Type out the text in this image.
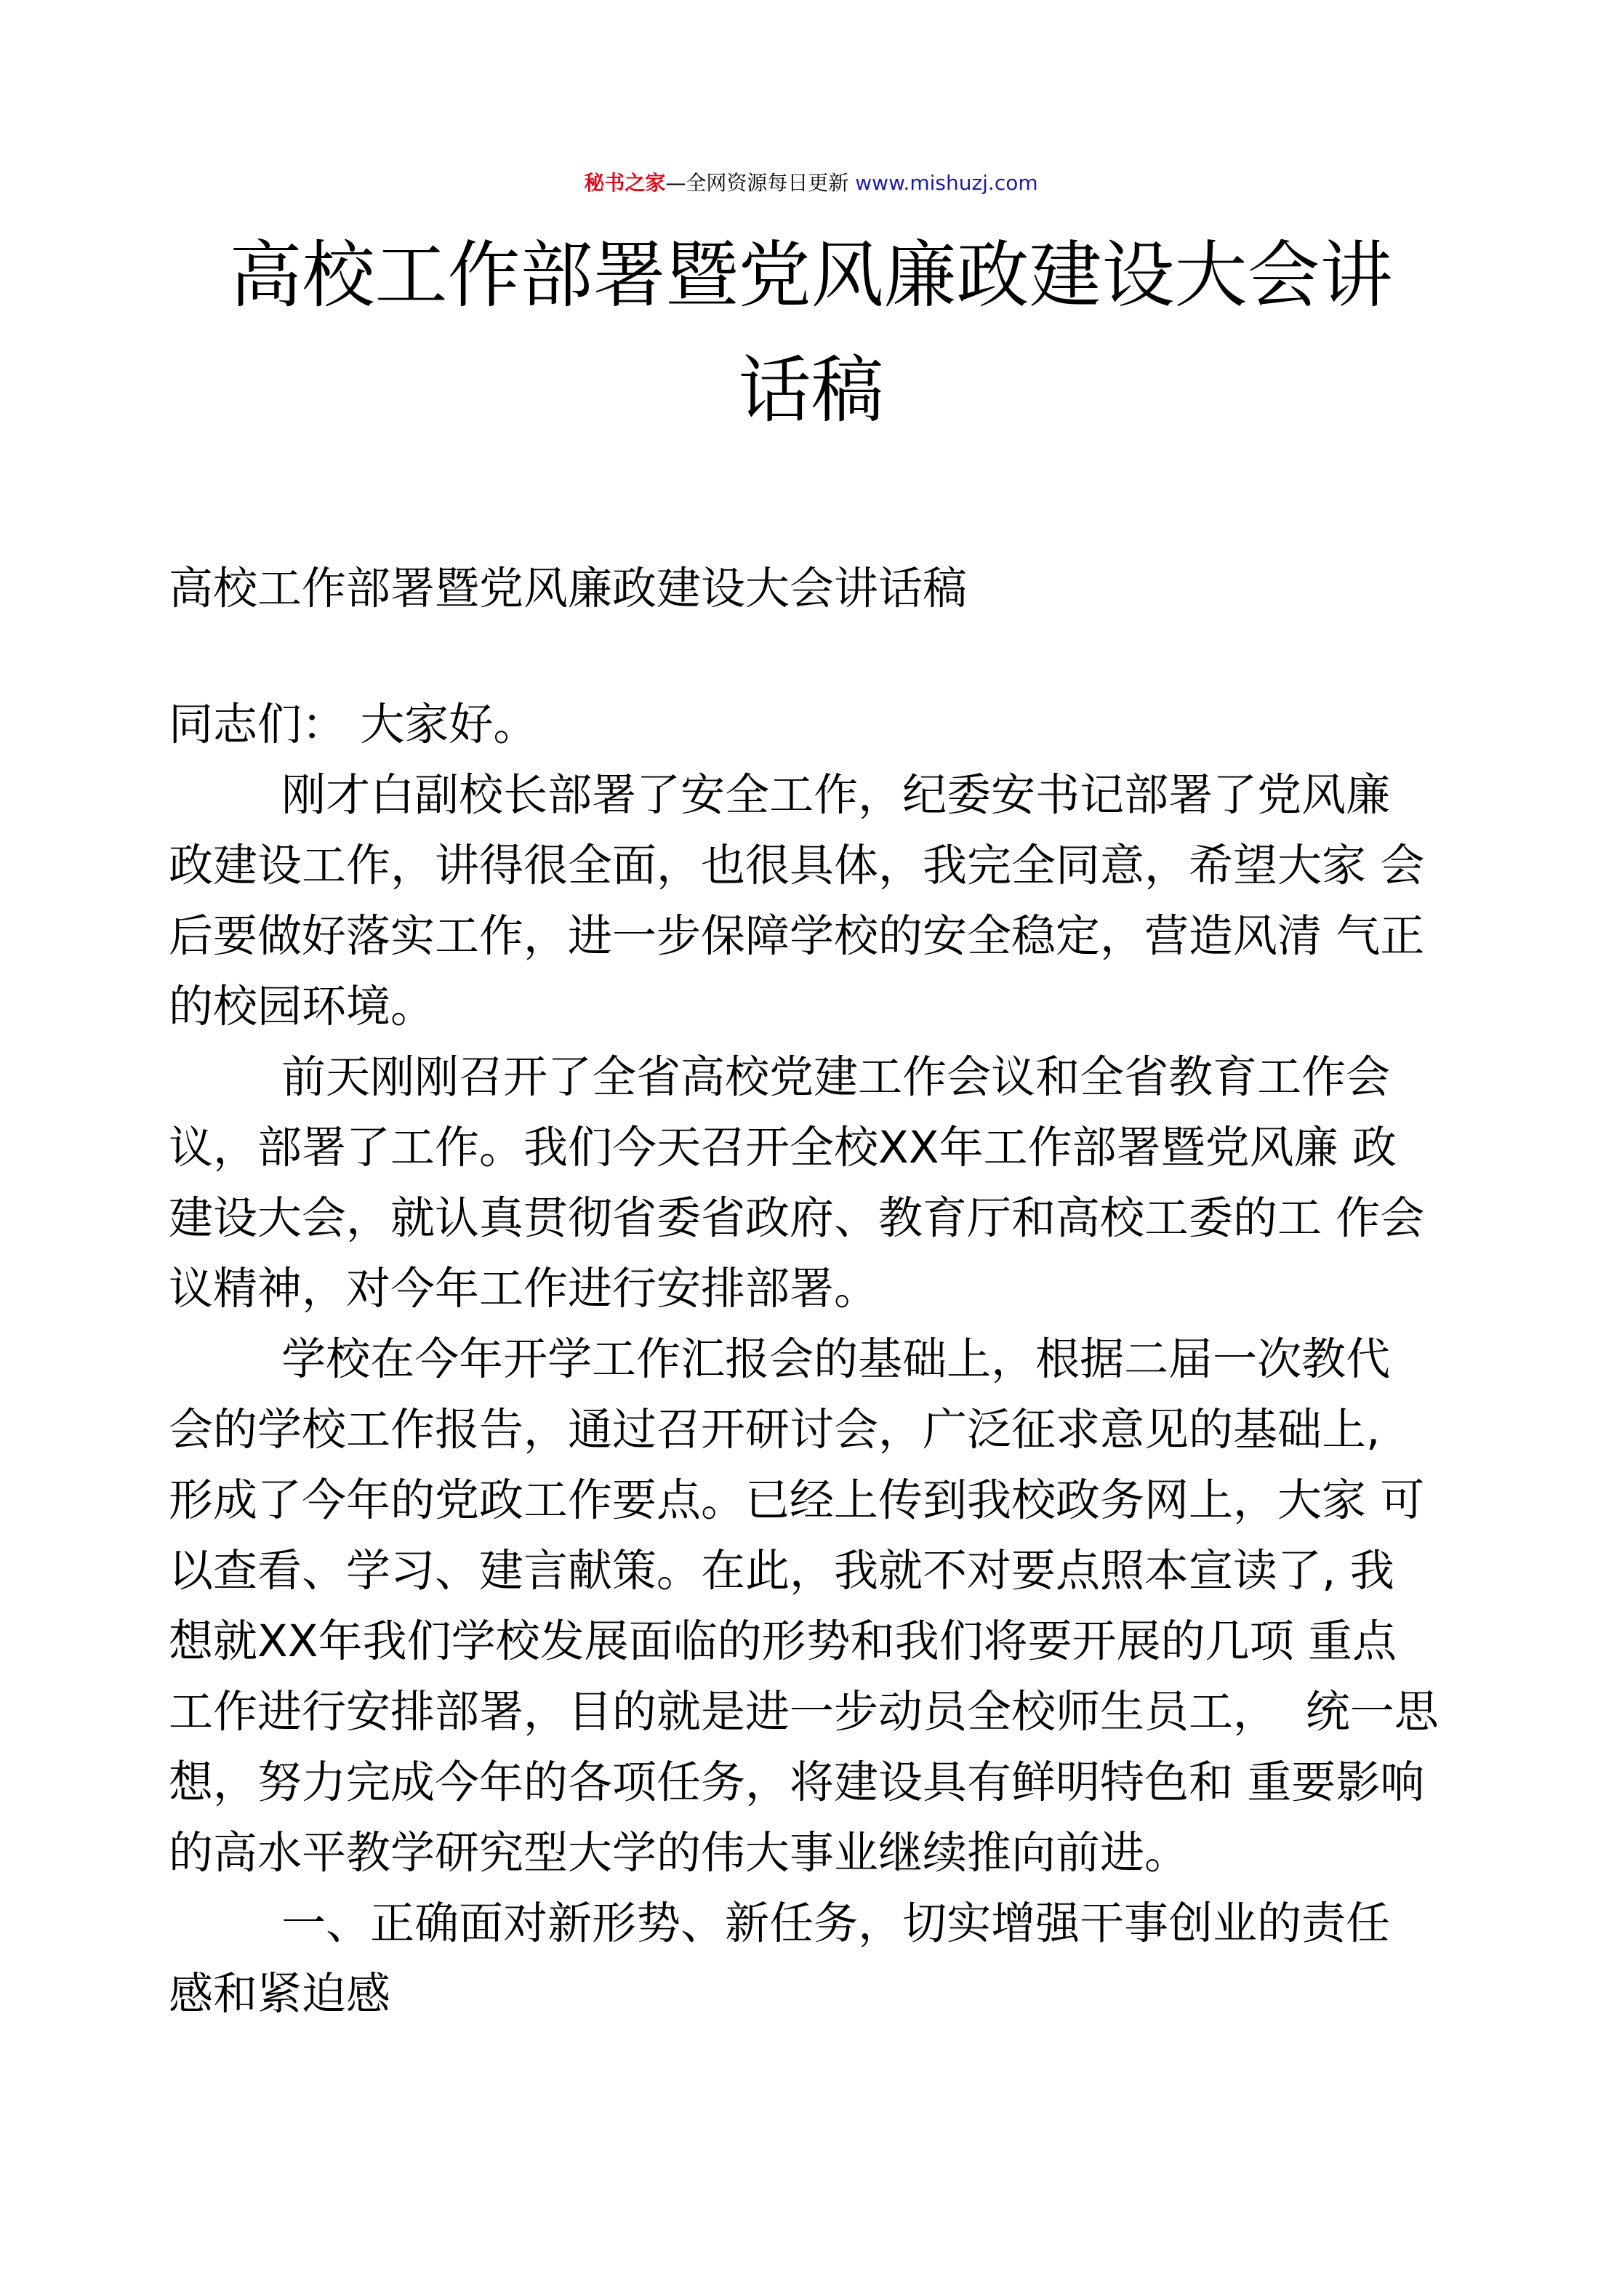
秘书之家—全网资源每日更新 www.mishuzj.com
高校工作部署暨党风廉政建设大会讲
话稿
高校工作部署暨党风廉政建设大会讲话稿
同志们： 大家好。
刚才白副校长部署了安全工作，纪委安书记部署了党风廉
政建设工作，讲得很全面，也很具体，我完全同意，希望大家 会
后要做好落实工作，进一步保障学校的安全稳定，营造风清 气正
的校园环境。
前天刚刚召开了全省高校党建工作会议和全省教育工作会
议，部署了工作。我们今天召开全校XX年工作部署暨党风廉 政
建设大会，就认真贯彻省委省政府、教育厅和高校工委的工 作会
议精神，对今年工作进行安排部署。
学校在今年开学工作汇报会的基础上，根据二届一次教代
会的学校工作报告，通过召开研讨会，广泛征求意见的基础上,
形成了今年的党政工作要点。已经上传到我校政务网上，大家 可
以查看、学习、建言献策。在此，我就不对要点照本宣读了, 我
想就XX年我们学校发展面临的形势和我们将要开展的几项 重点
工作进行安排部署，目的就是进一步动员全校师生员工，  统一思
想，努力完成今年的各项任务，将建设具有鲜明特色和 重要影响
的高水平教学研究型大学的伟大事业继续推向前进。
一、正确面对新形势、新任务，切实增强干事创业的责任
感和紧迫感
